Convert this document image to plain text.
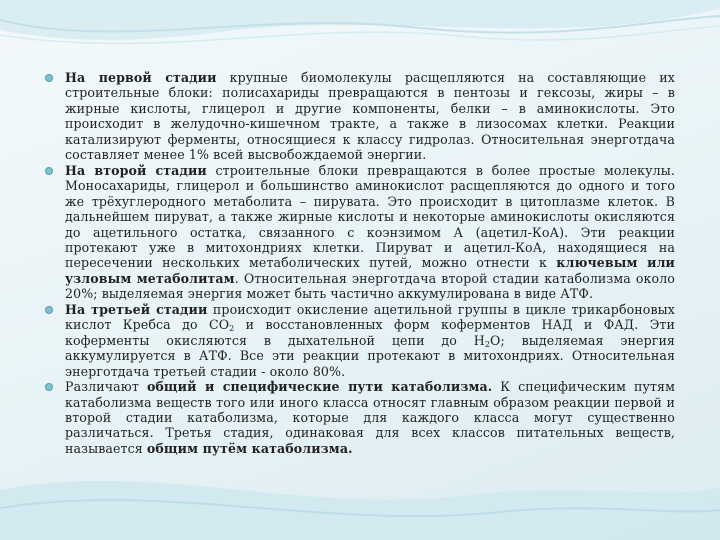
На первой стадии крупные биомолекулы расщепляются на составляющие их строительные блоки: полисахариды превращаются в пентозы и гексозы, жиры – в жирные кислоты, глицерол и другие компоненты, белки – в аминокислоты. Это происходит в желудочно-кишечном тракте, а также в лизосомах клетки. Реакции катализируют ферменты, относящиеся к классу гидролаз. Относительная энерготдача составляет менее 1% всей высвобождаемой энергии.
На второй стадии строительные блоки превращаются в более простые молекулы. Моносахариды, глицерол и большинство аминокислот расщепляются до одного и того же трёхуглеродного метаболита – пирувата. Это происходит в цитоплазме клеток. В дальнейшем пируват, а также жирные кислоты и некоторые аминокислоты окисляются до ацетильного остатка, связанного с коэнзимом А (ацетил-КоА). Эти реакции протекают уже в митохондриях клетки. Пируват и ацетил-КоА, находящиеся на пересечении нескольких метаболических путей, можно отнести к ключевым или узловым метаболитам. Относительная энерготдача второй стадии катаболизма около 20%; выделяемая энергия может быть частично аккумулирована в виде АТФ.
На третьей стадии происходит окисление ацетильной группы в цикле трикарбоновых кислот Кребса до $СО_2$ и восстановленных форм коферментов НАД и ФАД. Эти коферменты окисляются в дыхательной цепи до $Н_2О$; выделяемая энергия аккумулируется в АТФ. Все эти реакции протекают в митохондриях. Относительная энерготдача третьей стадии - около 80%.
Различают общий и специфические пути катаболизма. К специфическим путям катаболизма веществ того или иного класса относят главным образом реакции первой и второй стадии катаболизма, которые для каждого класса могут существенно различаться. Третья стадия, одинаковая для всех классов питательных веществ, называется общим путём катаболизма.
